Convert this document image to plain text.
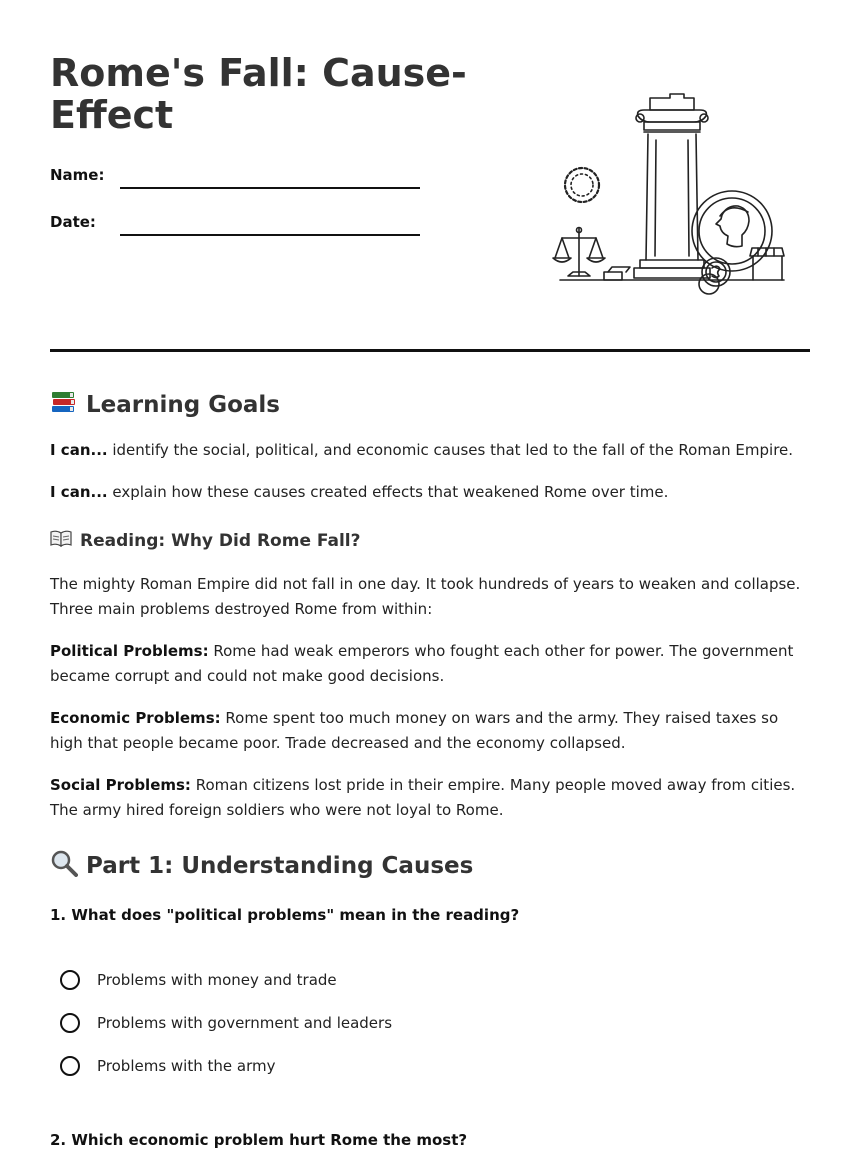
Rome's Fall: Cause-Effect
Name:
Date:
Learning Goals

I can... identify the social, political, and economic causes that led to the fall of the Roman Empire.

I can... explain how these causes created effects that weakened Rome over time.

Reading: Why Did Rome Fall?

The mighty Roman Empire did not fall in one day. It took hundreds of years to weaken and collapse. Three main problems destroyed Rome from within:

Political Problems: Rome had weak emperors who fought each other for power. The government became corrupt and could not make good decisions.

Economic Problems: Rome spent too much money on wars and the army. They raised taxes so high that people became poor. Trade decreased and the economy collapsed.

Social Problems: Roman citizens lost pride in their empire. Many people moved away from cities. The army hired foreign soldiers who were not loyal to Rome.

Part 1: Understanding Causes

1. What does "political problems" mean in the reading?

Problems with money and trade
Problems with government and leaders
Problems with the army

2. Which economic problem hurt Rome the most?
